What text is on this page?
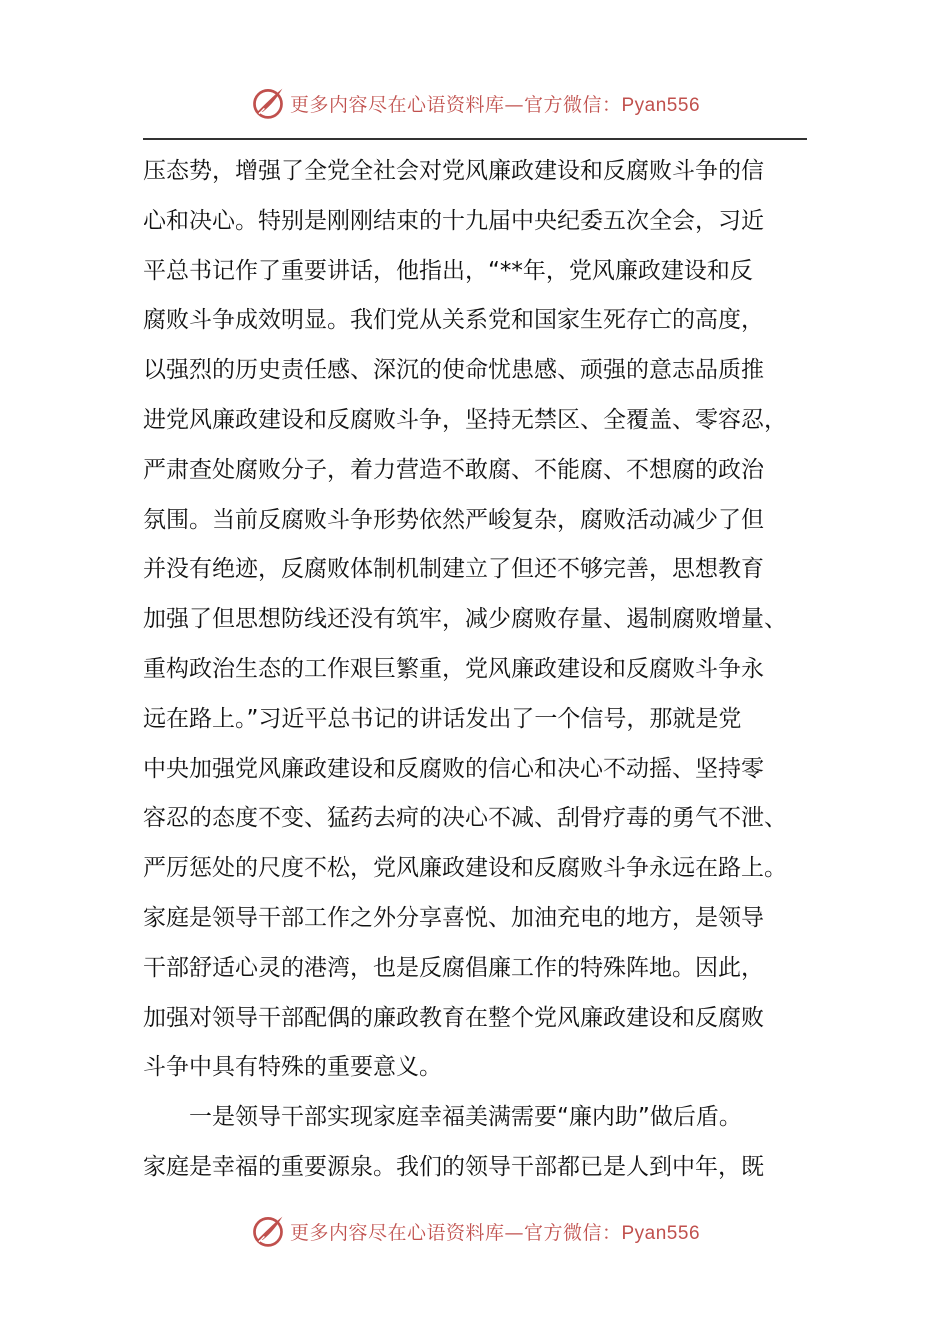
更多内容尽在心语资料库—官方微信：Pyan556

压态势，增强了全党全社会对党风廉政建设和反腐败斗争的信
心和决心。特别是刚刚结束的十九届中央纪委五次全会，习近
平总书记作了重要讲话，他指出，“**年，党风廉政建设和反
腐败斗争成效明显。我们党从关系党和国家生死存亡的高度，
以强烈的历史责任感、深沉的使命忧患感、顽强的意志品质推
进党风廉政建设和反腐败斗争，坚持无禁区、全覆盖、零容忍，
严肃查处腐败分子，着力营造不敢腐、不能腐、不想腐的政治
氛围。当前反腐败斗争形势依然严峻复杂，腐败活动减少了但
并没有绝迹，反腐败体制机制建立了但还不够完善，思想教育
加强了但思想防线还没有筑牢，减少腐败存量、遏制腐败增量、
重构政治生态的工作艰巨繁重，党风廉政建设和反腐败斗争永
远在路上。”习近平总书记的讲话发出了一个信号，那就是党
中央加强党风廉政建设和反腐败的信心和决心不动摇、坚持零
容忍的态度不变、猛药去疴的决心不减、刮骨疗毒的勇气不泄、
严厉惩处的尺度不松，党风廉政建设和反腐败斗争永远在路上。
家庭是领导干部工作之外分享喜悦、加油充电的地方，是领导
干部舒适心灵的港湾，也是反腐倡廉工作的特殊阵地。因此，
加强对领导干部配偶的廉政教育在整个党风廉政建设和反腐败
斗争中具有特殊的重要意义。

一是领导干部实现家庭幸福美满需要“廉内助”做后盾。
家庭是幸福的重要源泉。我们的领导干部都已是人到中年，既

更多内容尽在心语资料库—官方微信：Pyan556
